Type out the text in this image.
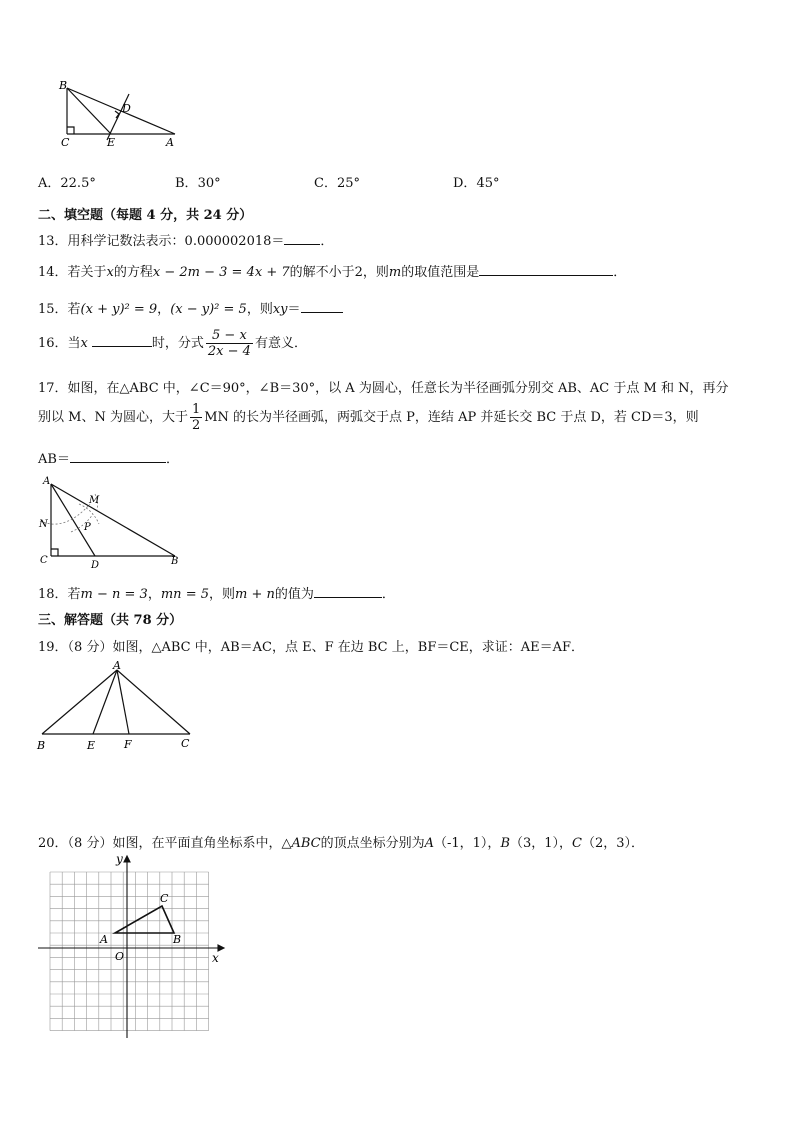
B
C	E	A
D
A．22.5°	B．30°	C．25°	D．45°
二、填空题（每题 4 分，共 24 分）
13．用科学记数法表示：0.000002018＝	．
14．若关于x的方程x − 2m − 3 = 4x + 7的解不小于2，则m的取值范围是	．
15．若(x + y)² = 9，(x − y)² = 5，则xy＝
16．当x	时，分式 $\frac{5 - x}{2x - 4}$ 有意义．
17．如图，在△ABC 中，∠C＝90°，∠B＝30°，以 A 为圆心，任意长为半径画弧分别交 AB、AC 于点 M 和 N，再分
别以 M、N 为圆心，大于 $\frac{1}{2}$ MN 的长为半径画弧，两弧交于点 P，连结 AP 并延长交 BC 于点 D，若 CD＝3，则
AB＝	．
A
M
N	P
C	D	B
18．若m − n = 3，mn = 5，则m + n的值为	．
三、解答题（共 78 分）
19．（8 分）如图，△ABC 中，AB＝AC，点 E、F 在边 BC 上，BF＝CE，求证：AE＝AF．
A
B	E	F	C
20．（8 分）如图，在平面直角坐标系中，△ABC的顶点坐标分别为A（-1，1），B（3，1），C（2，3）．
y
x
O
A	B
C
